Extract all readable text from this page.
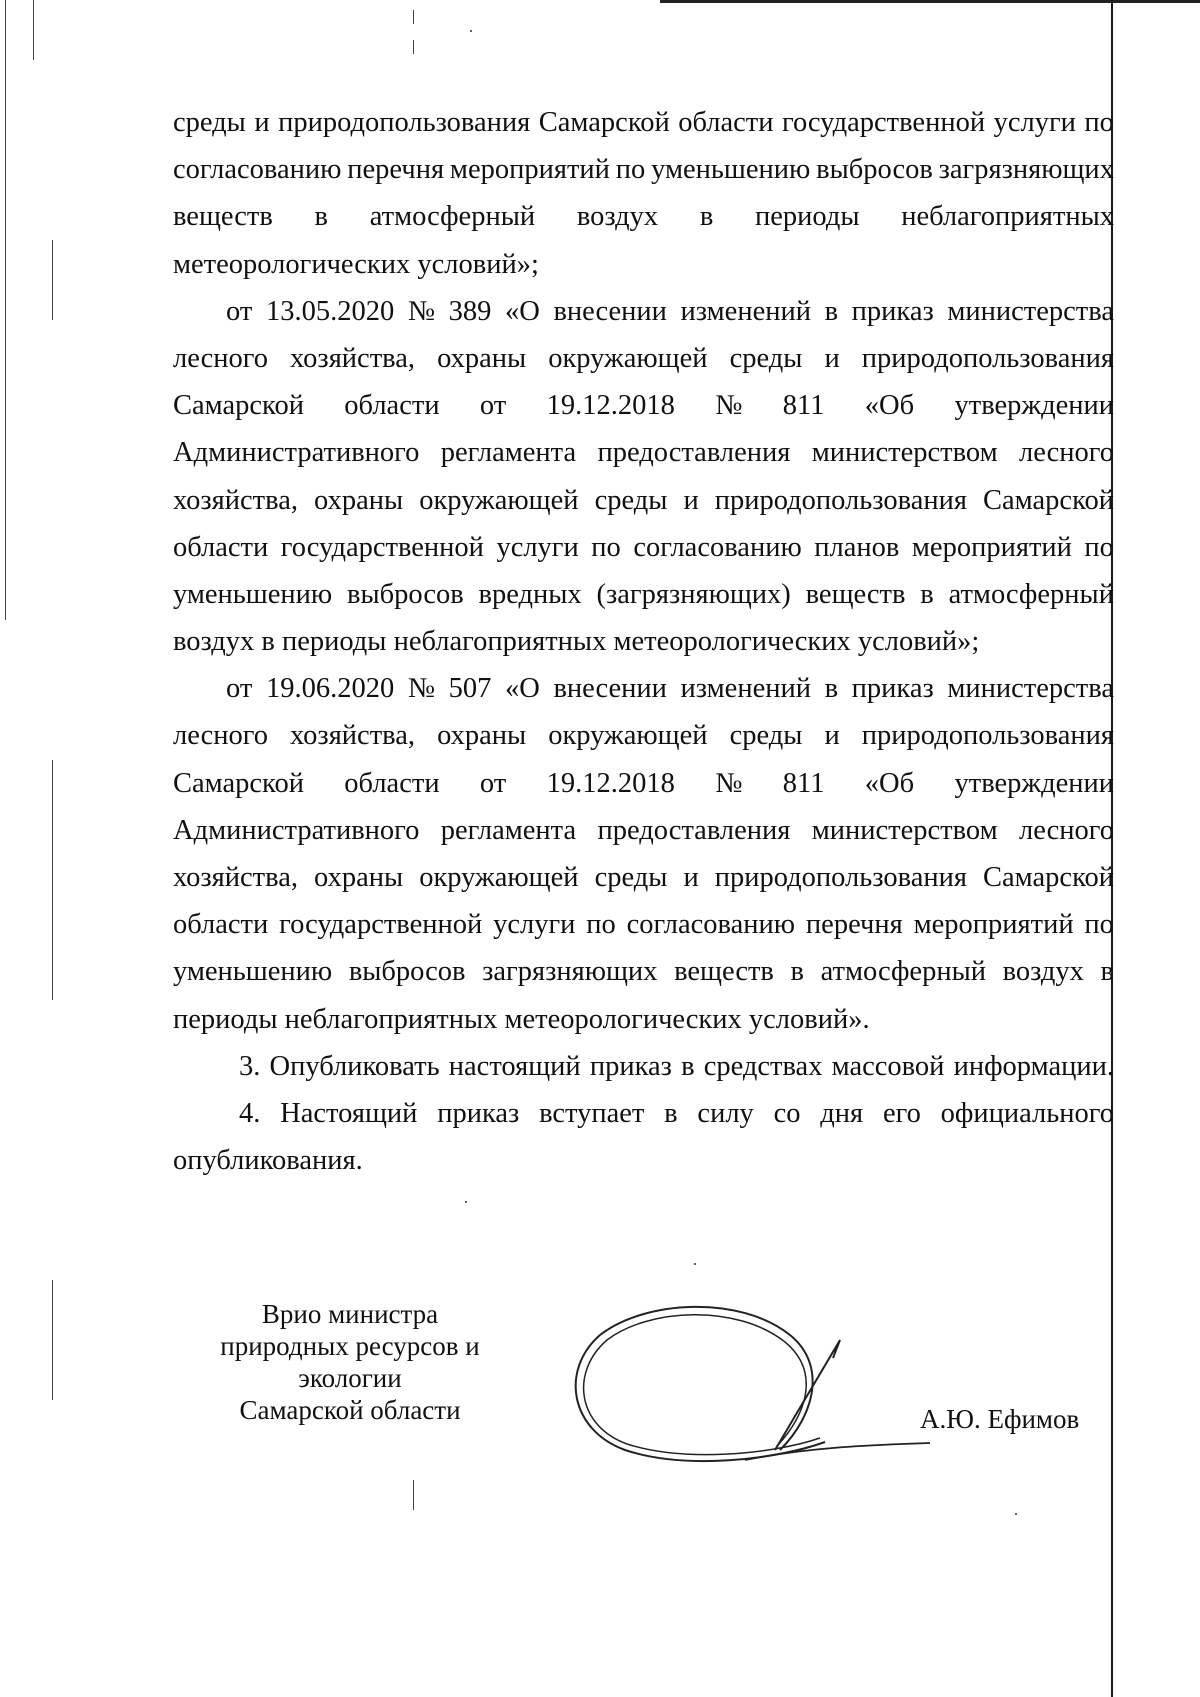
среды и природопользования Самарской области государственной услуги по
согласованию перечня мероприятий по уменьшению выбросов загрязняющих
веществ в атмосферный воздух в периоды неблагоприятных
метеорологических условий»;
от 13.05.2020 № 389 «О внесении изменений в приказ министерства
лесного хозяйства, охраны окружающей среды и природопользования
Самарской области от 19.12.2018 № 811 «Об утверждении
Административного регламента предоставления министерством лесного
хозяйства, охраны окружающей среды и природопользования Самарской
области государственной услуги по согласованию планов мероприятий по
уменьшению выбросов вредных (загрязняющих) веществ в атмосферный
воздух в периоды неблагоприятных метеорологических условий»;
от 19.06.2020 № 507 «О внесении изменений в приказ министерства
лесного хозяйства, охраны окружающей среды и природопользования
Самарской области от 19.12.2018 № 811 «Об утверждении
Административного регламента предоставления министерством лесного
хозяйства, охраны окружающей среды и природопользования Самарской
области государственной услуги по согласованию перечня мероприятий по
уменьшению выбросов загрязняющих веществ в атмосферный воздух в
периоды неблагоприятных метеорологических условий».
3. Опубликовать настоящий приказ в средствах массовой информации.
4. Настоящий приказ вступает в силу со дня его официального
опубликования.
Врио министра
природных ресурсов и
экологии
Самарской области	А.Ю. Ефимов
